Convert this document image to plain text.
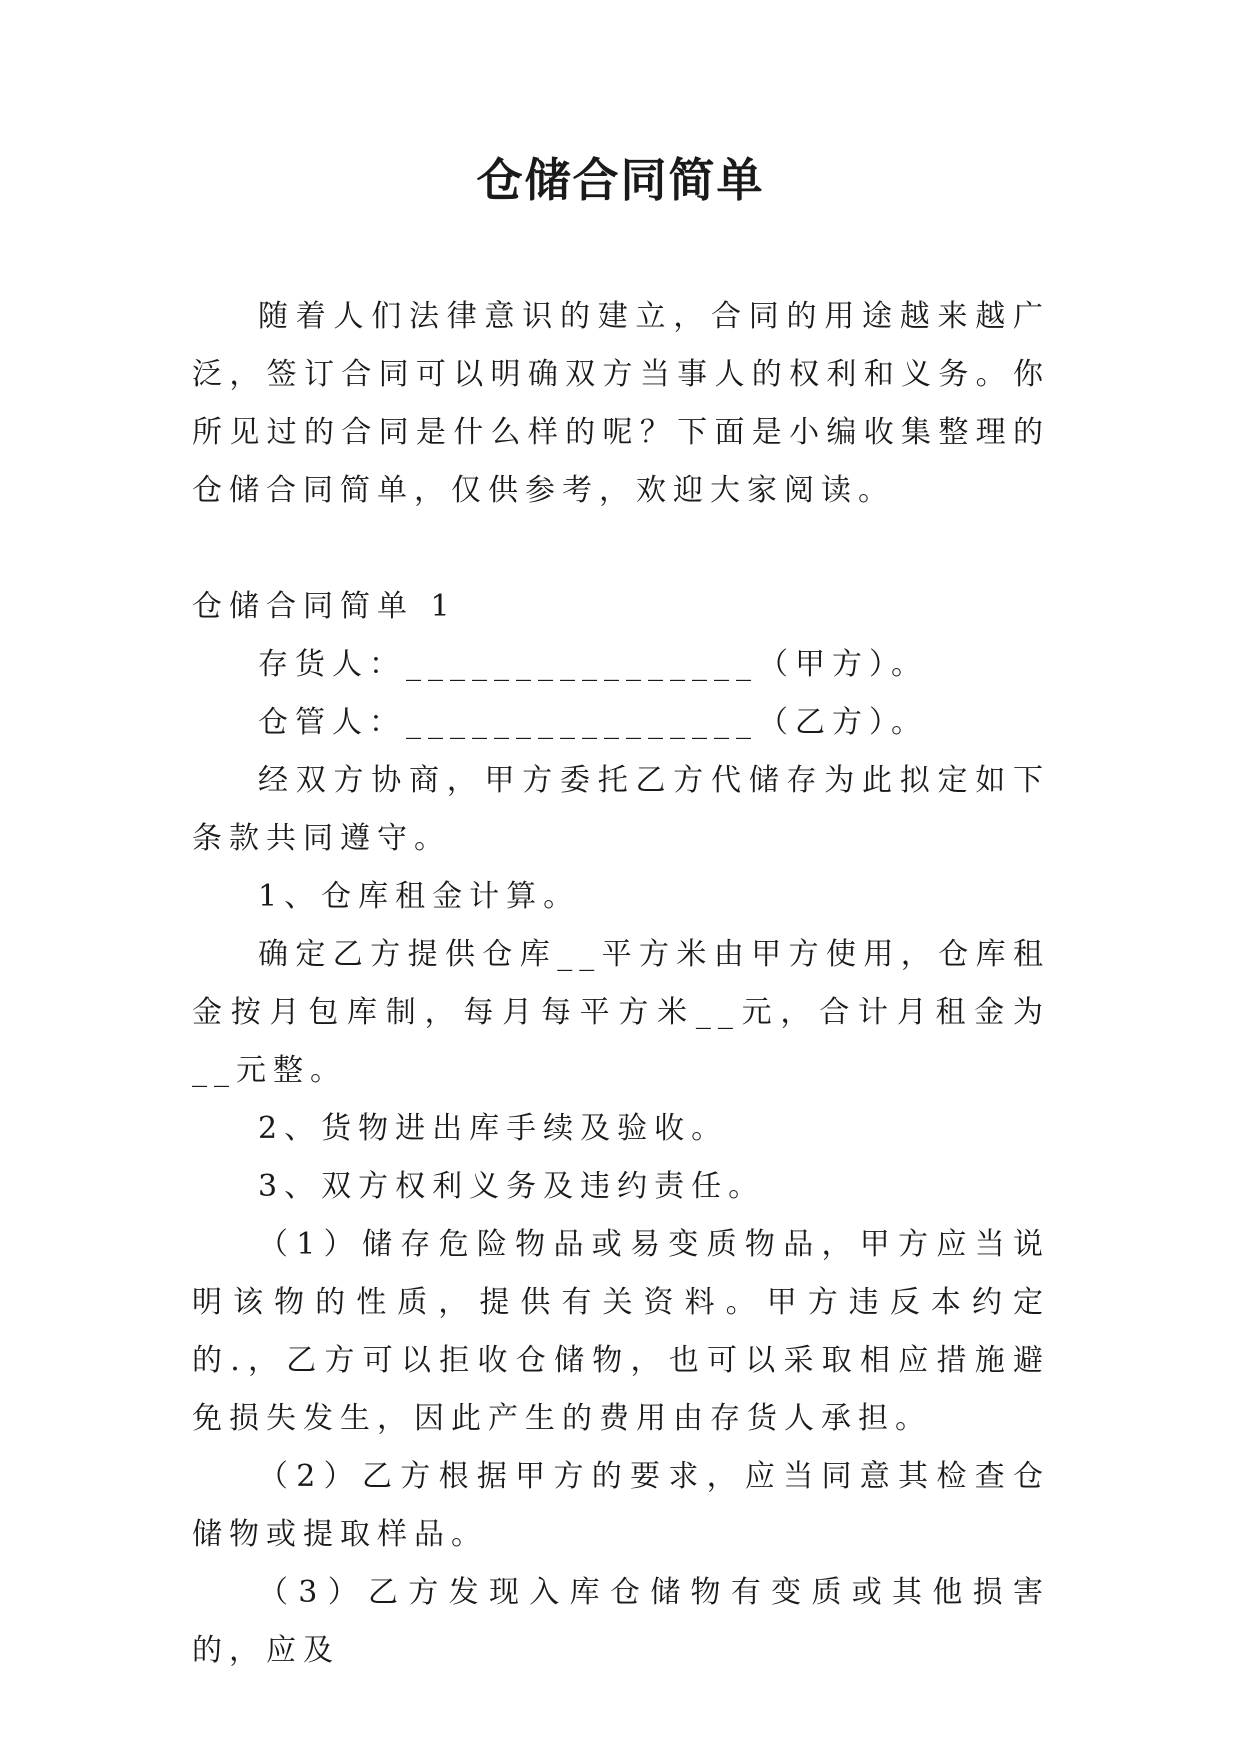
仓储合同简单

随着人们法律意识的建立，合同的用途越来越广泛，签订合同可以明确双方当事人的权利和义务。你所见过的合同是什么样的呢？下面是小编收集整理的仓储合同简单，仅供参考，欢迎大家阅读。

仓储合同简单 1

存货人：________________（甲方）。

仓管人：________________（乙方）。

经双方协商，甲方委托乙方代储存为此拟定如下条款共同遵守。

1、仓库租金计算。

确定乙方提供仓库__平方米由甲方使用，仓库租金按月包库制，每月每平方米__元，合计月租金为__元整。

2、货物进出库手续及验收。

3、双方权利义务及违约责任。

（1）储存危险物品或易变质物品，甲方应当说明该物的性质，提供有关资料。甲方违反本约定的.，乙方可以拒收仓储物，也可以采取相应措施避免损失发生，因此产生的费用由存货人承担。

（2）乙方根据甲方的要求，应当同意其检查仓储物或提取样品。

（3）乙方发现入库仓储物有变质或其他损害的，应及
